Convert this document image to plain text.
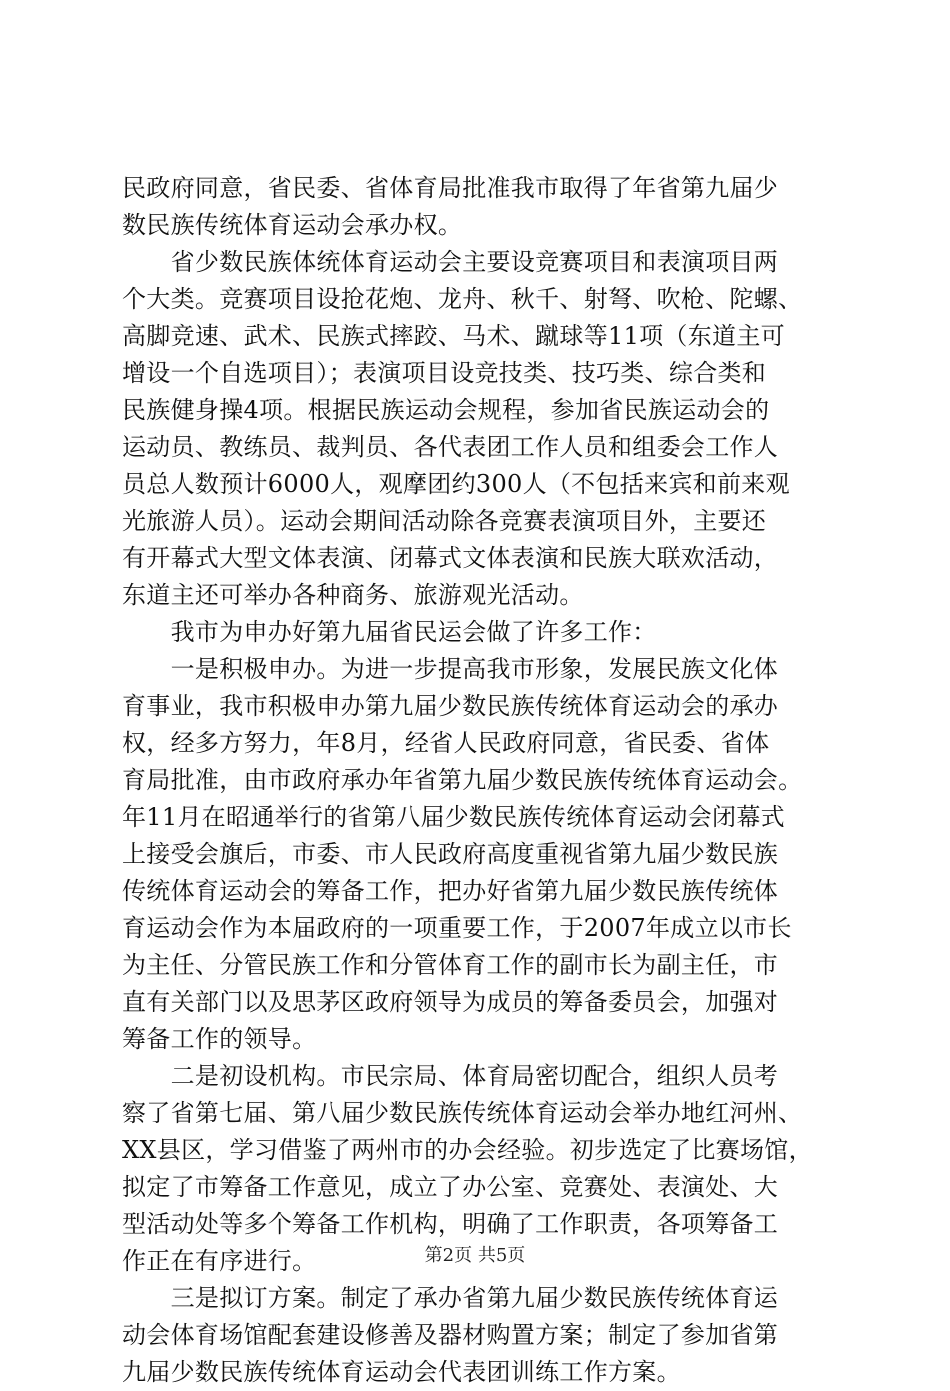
民政府同意，省民委、省体育局批准我市取得了年省第九届少
数民族传统体育运动会承办权。
　　省少数民族体统体育运动会主要设竞赛项目和表演项目两
个大类。竞赛项目设抢花炮、龙舟、秋千、射弩、吹枪、陀螺、
高脚竞速、武术、民族式摔跤、马术、蹴球等11项（东道主可
增设一个自选项目）；表演项目设竞技类、技巧类、综合类和
民族健身操4项。根据民族运动会规程，参加省民族运动会的
运动员、教练员、裁判员、各代表团工作人员和组委会工作人
员总人数预计6000人，观摩团约300人（不包括来宾和前来观
光旅游人员）。运动会期间活动除各竞赛表演项目外，主要还
有开幕式大型文体表演、闭幕式文体表演和民族大联欢活动，
东道主还可举办各种商务、旅游观光活动。
　　我市为申办好第九届省民运会做了许多工作：
　　一是积极申办。为进一步提高我市形象，发展民族文化体
育事业，我市积极申办第九届少数民族传统体育运动会的承办
权，经多方努力，年8月，经省人民政府同意，省民委、省体
育局批准，由市政府承办年省第九届少数民族传统体育运动会。
年11月在昭通举行的省第八届少数民族传统体育运动会闭幕式
上接受会旗后，市委、市人民政府高度重视省第九届少数民族
传统体育运动会的筹备工作，把办好省第九届少数民族传统体
育运动会作为本届政府的一项重要工作，于2007年成立以市长
为主任、分管民族工作和分管体育工作的副市长为副主任，市
直有关部门以及思茅区政府领导为成员的筹备委员会，加强对
筹备工作的领导。
　　二是初设机构。市民宗局、体育局密切配合，组织人员考
察了省第七届、第八届少数民族传统体育运动会举办地红河州、
XX县区，学习借鉴了两州市的办会经验。初步选定了比赛场馆，
拟定了市筹备工作意见，成立了办公室、竞赛处、表演处、大
型活动处等多个筹备工作机构，明确了工作职责，各项筹备工
作正在有序进行。
　　三是拟订方案。制定了承办省第九届少数民族传统体育运
动会体育场馆配套建设修善及器材购置方案；制定了参加省第
九届少数民族传统体育运动会代表团训练工作方案。
第2页 共5页
